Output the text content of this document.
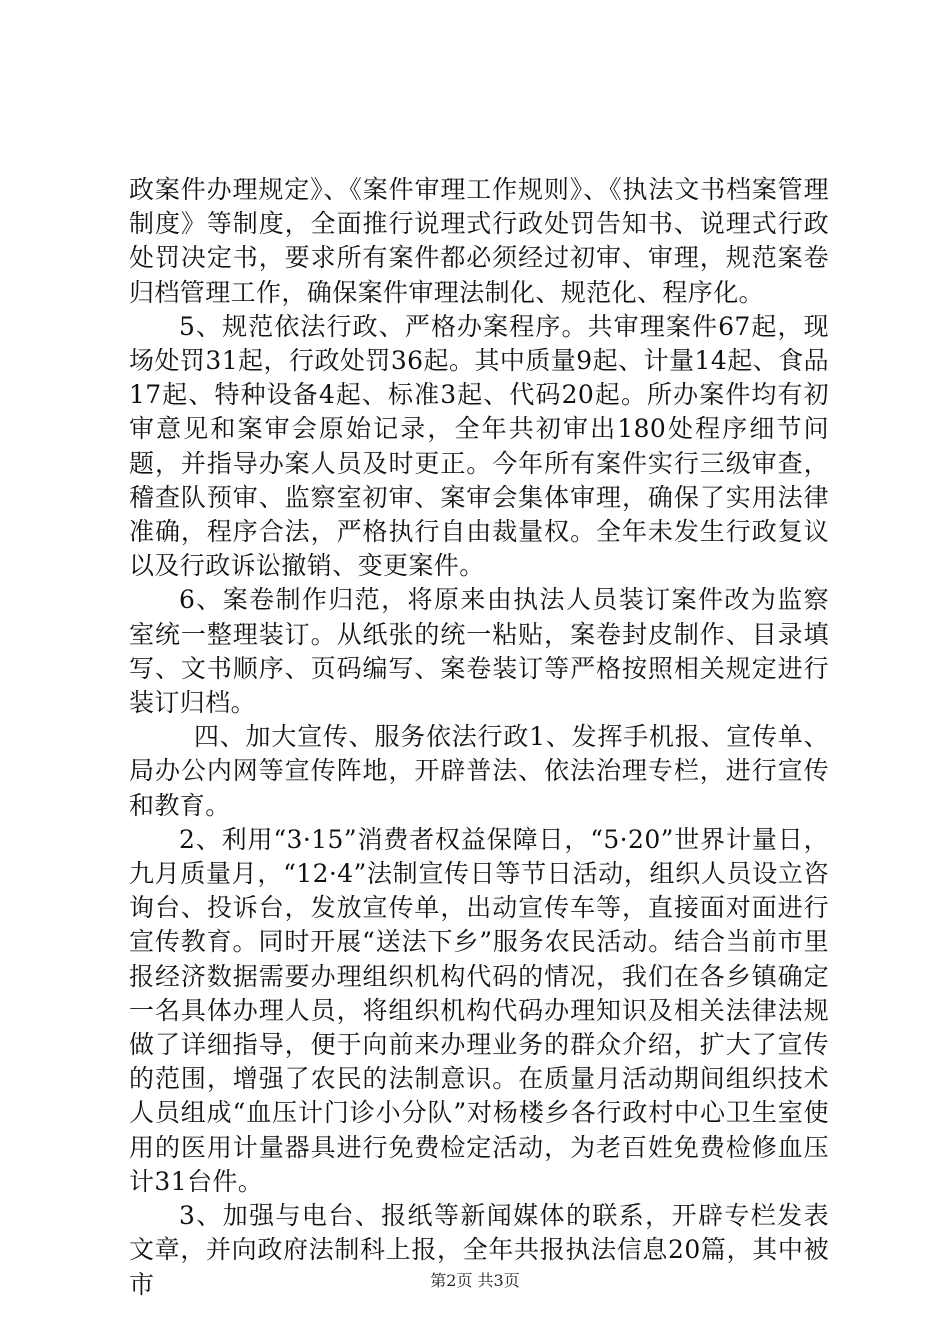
政案件办理规定》、《案件审理工作规则》、《执法文书档案管理制度》等制度，全面推行说理式行政处罚告知书、说理式行政处罚决定书，要求所有案件都必须经过初审、审理，规范案卷归档管理工作，确保案件审理法制化、规范化、程序化。

5、规范依法行政、严格办案程序。共审理案件67起，现场处罚31起，行政处罚36起。其中质量9起、计量14起、食品17起、特种设备4起、标准3起、代码20起。所办案件均有初审意见和案审会原始记录，全年共初审出180处程序细节问题，并指导办案人员及时更正。今年所有案件实行三级审查，稽查队预审、监察室初审、案审会集体审理，确保了实用法律准确，程序合法，严格执行自由裁量权。全年未发生行政复议以及行政诉讼撤销、变更案件。

6、案卷制作归范，将原来由执法人员装订案件改为监察室统一整理装订。从纸张的统一粘贴，案卷封皮制作、目录填写、文书顺序、页码编写、案卷装订等严格按照相关规定进行装订归档。

四、加大宣传、服务依法行政1、发挥手机报、宣传单、局办公内网等宣传阵地，开辟普法、依法治理专栏，进行宣传和教育。

2、利用“3·15”消费者权益保障日，“5·20”世界计量日，九月质量月，“12·4”法制宣传日等节日活动，组织人员设立咨询台、投诉台，发放宣传单，出动宣传车等，直接面对面进行宣传教育。同时开展“送法下乡”服务农民活动。结合当前市里报经济数据需要办理组织机构代码的情况，我们在各乡镇确定一名具体办理人员，将组织机构代码办理知识及相关法律法规做了详细指导，便于向前来办理业务的群众介绍，扩大了宣传的范围，增强了农民的法制意识。在质量月活动期间组织技术人员组成“血压计门诊小分队”对杨楼乡各行政村中心卫生室使用的医用计量器具进行免费检定活动，为老百姓免费检修血压计31台件。

3、加强与电台、报纸等新闻媒体的联系，开辟专栏发表文章，并向政府法制科上报，全年共报执法信息20篇，其中被市	第2页 共3页
